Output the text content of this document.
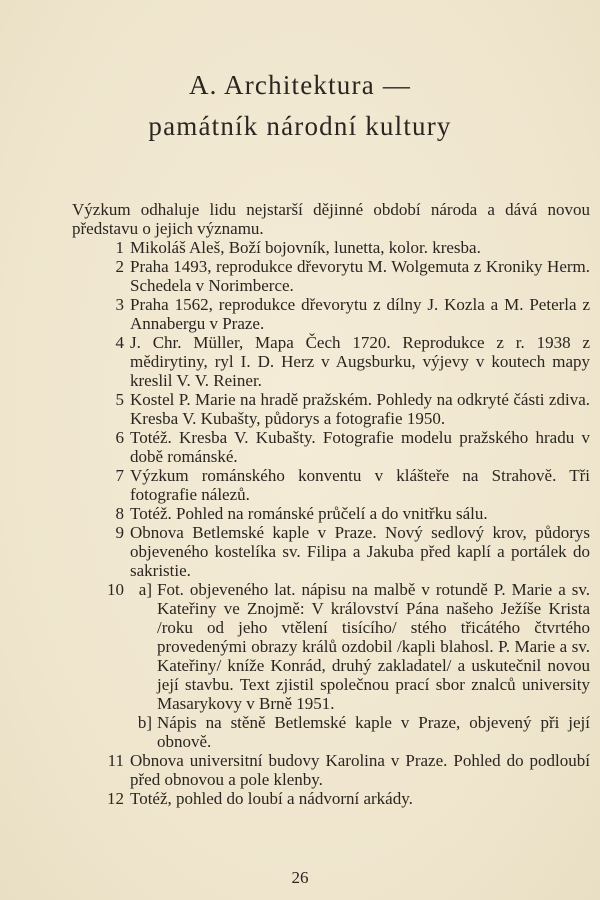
A. Architektura —
památník národní kultury
Výzkum odhaluje lidu nejstarší dějinné období národa a dává novou představu o jejich významu.
1 Mikoláš Aleš, Boží bojovník, lunetta, kolor. kresba.
2 Praha 1493, reprodukce dřevorytu M. Wolgemuta z Kroniky Herm. Schedela v Norimberce.
3 Praha 1562, reprodukce dřevorytu z dílny J. Kozla a M. Peterla z Annabergu v Praze.
4 J. Chr. Müller, Mapa Čech 1720. Reprodukce z r. 1938 z mědirytiny, ryl I. D. Herz v Augsburku, výjevy v koutech mapy kreslil V. V. Reiner.
5 Kostel P. Marie na hradě pražském. Pohledy na odkryté části zdiva. Kresba V. Kubašty, půdorys a fotografie 1950.
6 Totéž. Kresba V. Kubašty. Fotografie modelu pražského hradu v době románské.
7 Výzkum románského konventu v klášteře na Strahově. Tři fotografie nálezů.
8 Totéž. Pohled na románské průčelí a do vnitřku sálu.
9 Obnova Betlemské kaple v Praze. Nový sedlový krov, půdorys objeveného kostelíka sv. Filipa a Jakuba před kaplí a portálek do sakristie.
10 a] Fot. objeveného lat. nápisu na malbě v rotundě P. Marie a sv. Kateřiny ve Znojmě: V království Pána našeho Ježíše Krista /roku od jeho vtělení tisícího/ stého třicátého čtvrtého provedenými obrazy králů ozdobil /kapli blahosl. P. Marie a sv. Kateřiny/ kníže Konrád, druhý zakladatel/ a uskutečnil novou její stavbu. Text zjistil společnou prací sbor znalců university Masarykovy v Brně 1951.
b] Nápis na stěně Betlemské kaple v Praze, objevený při její obnově.
11 Obnova universitní budovy Karolina v Praze. Pohled do podloubí před obnovou a pole klenby.
12 Totéž, pohled do loubí a nádvorní arkády.
26
